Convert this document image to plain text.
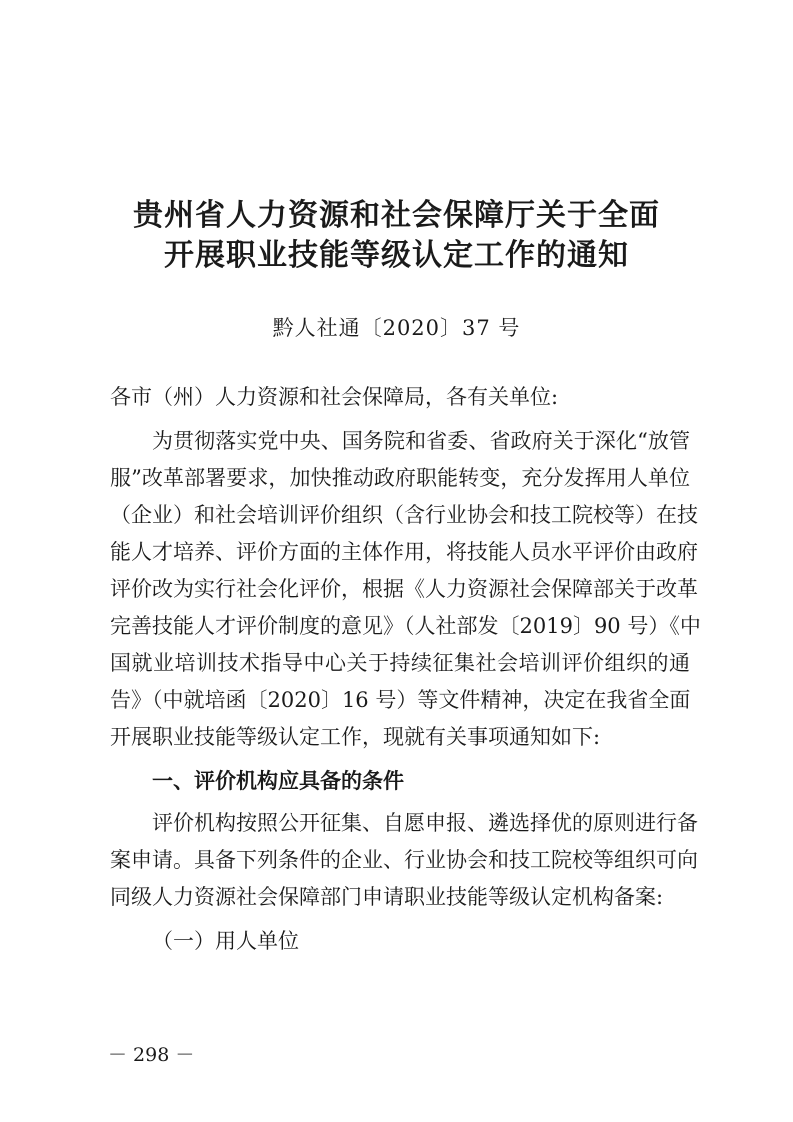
贵州省人力资源和社会保障厅关于全面
开展职业技能等级认定工作的通知
黔人社通〔2020〕37 号
各市（州）人力资源和社会保障局，各有关单位:
为贯彻落实党中央、国务院和省委、省政府关于深化“放管
服”改革部署要求，加快推动政府职能转变，充分发挥用人单位
（企业）和社会培训评价组织（含行业协会和技工院校等）在技
能人才培养、评价方面的主体作用，将技能人员水平评价由政府
评价改为实行社会化评价，根据《人力资源社会保障部关于改革
完善技能人才评价制度的意见》（人社部发〔2019〕90 号）《中
国就业培训技术指导中心关于持续征集社会培训评价组织的通
告》（中就培函〔2020〕16 号）等文件精神，决定在我省全面
开展职业技能等级认定工作，现就有关事项通知如下:
一、评价机构应具备的条件
评价机构按照公开征集、自愿申报、遴选择优的原则进行备
案申请。具备下列条件的企业、行业协会和技工院校等组织可向
同级人力资源社会保障部门申请职业技能等级认定机构备案:
（一）用人单位
－ 298 －
